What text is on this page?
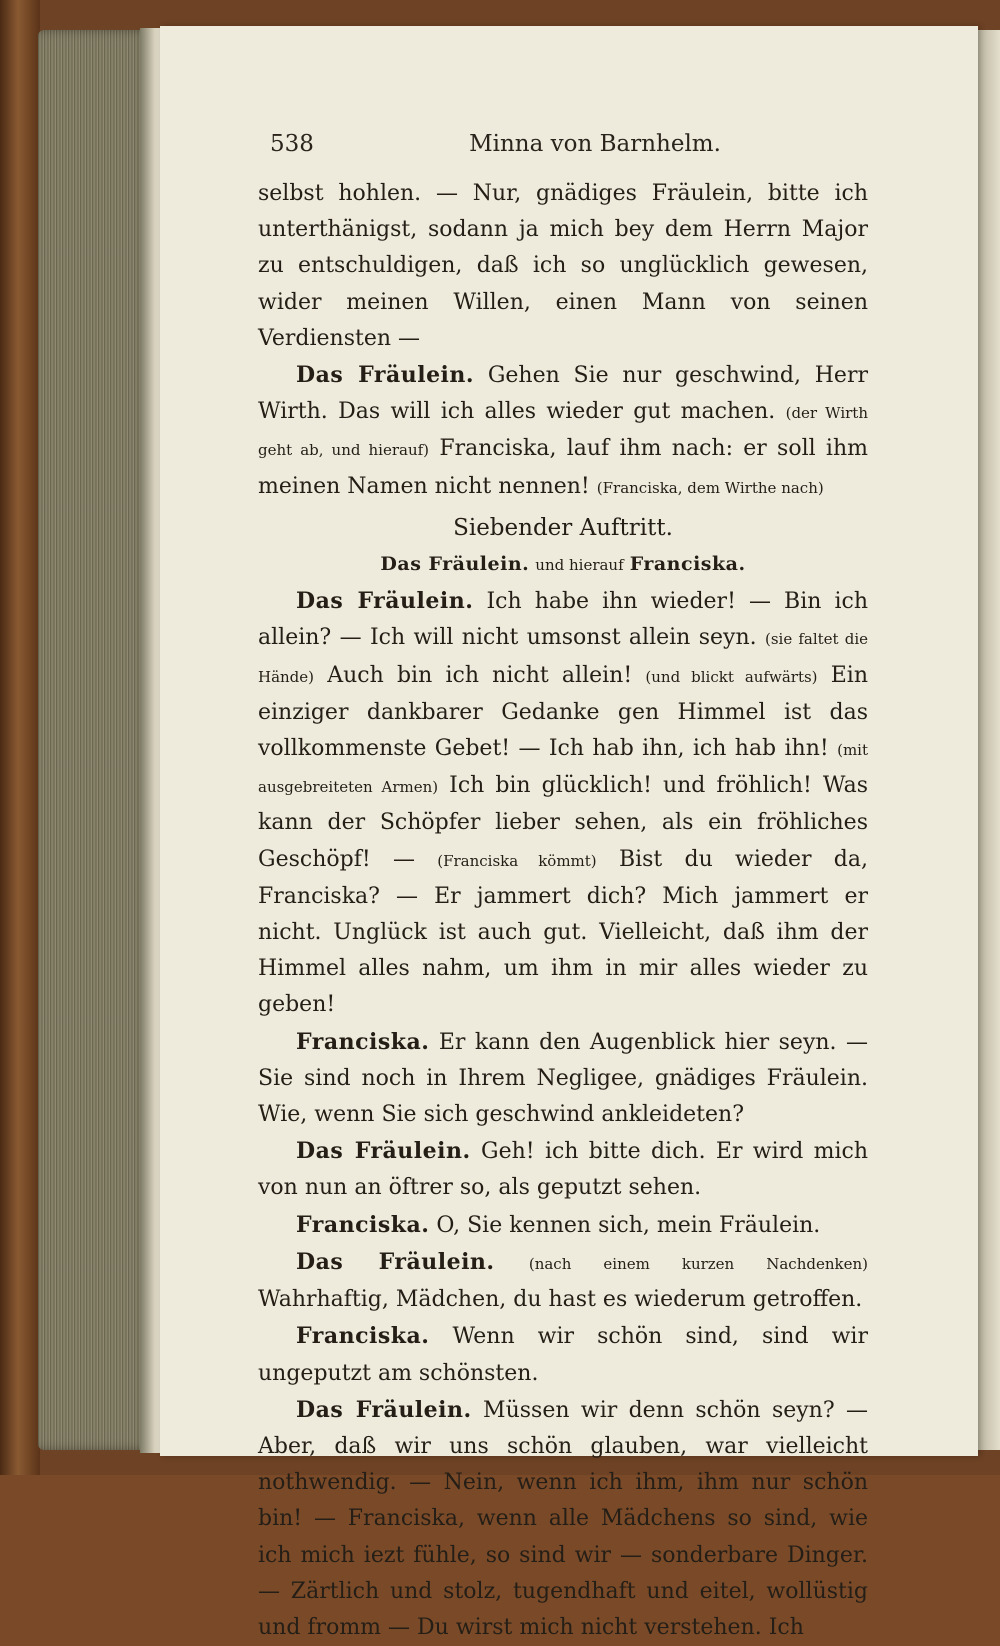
538	Minna von Barnhelm.

selbst hohlen. — Nur, gnädiges Fräulein, bitte ich unterthänigst, sodann ja mich bey dem Herrn Major zu entschuldigen, daß ich so unglücklich gewesen, wider meinen Willen, einen Mann von seinen Verdiensten —

Das Fräulein. Gehen Sie nur geschwind, Herr Wirth. Das will ich alles wieder gut machen. (der Wirth geht ab, und hierauf) Franciska, lauf ihm nach: er soll ihm meinen Namen nicht nennen! (Franciska, dem Wirthe nach)

Siebender Auftritt.

Das Fräulein. und hierauf Franciska.

Das Fräulein. Ich habe ihn wieder! — Bin ich allein? — Ich will nicht umsonst allein seyn. (sie faltet die Hände) Auch bin ich nicht allein! (und blickt aufwärts) Ein einziger dankbarer Gedanke gen Himmel ist das vollkommenste Gebet! — Ich hab ihn, ich hab ihn! (mit ausgebreiteten Armen) Ich bin glücklich! und fröhlich! Was kann der Schöpfer lieber sehen, als ein fröhliches Geschöpf! — (Franciska kömmt) Bist du wieder da, Franciska? — Er jammert dich? Mich jammert er nicht. Unglück ist auch gut. Vielleicht, daß ihm der Himmel alles nahm, um ihm in mir alles wieder zu geben!

Franciska. Er kann den Augenblick hier seyn. — Sie sind noch in Ihrem Negligee, gnädiges Fräulein. Wie, wenn Sie sich geschwind ankleideten?

Das Fräulein. Geh! ich bitte dich. Er wird mich von nun an öftrer so, als geputzt sehen.

Franciska. O, Sie kennen sich, mein Fräulein.

Das Fräulein. (nach einem kurzen Nachdenken) Wahrhaftig, Mädchen, du hast es wiederum getroffen.

Franciska. Wenn wir schön sind, sind wir ungeputzt am schönsten.

Das Fräulein. Müssen wir denn schön seyn? — Aber, daß wir uns schön glauben, war vielleicht nothwendig. — Nein, wenn ich ihm, ihm nur schön bin! — Franciska, wenn alle Mädchens so sind, wie ich mich iezt fühle, so sind wir — sonderbare Dinger. — Zärtlich und stolz, tugendhaft und eitel, wollüstig und fromm — Du wirst mich nicht verstehen. Ich
